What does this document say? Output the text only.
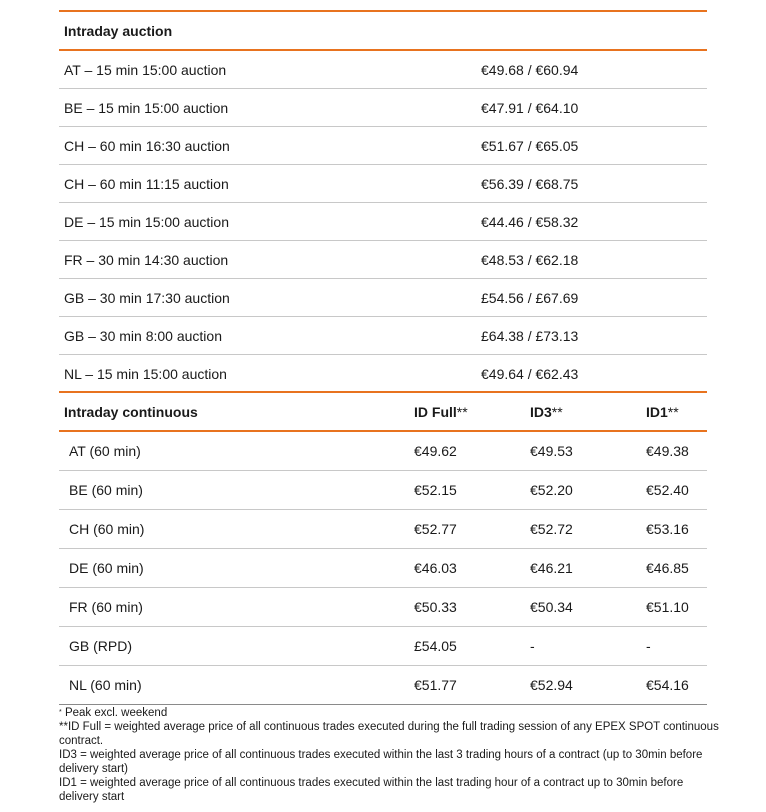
Intraday auction
AT – 15 min 15:00 auction	€49.68 / €60.94
BE – 15 min 15:00 auction	€47.91 / €64.10
CH – 60 min 16:30 auction	€51.67 / €65.05
CH – 60 min 11:15 auction	€56.39 / €68.75
DE – 15 min 15:00 auction	€44.46 / €58.32
FR – 30 min 14:30 auction	€48.53 / €62.18
GB – 30 min 17:30 auction	£54.56 / £67.69
GB – 30 min 8:00 auction	£64.38 / £73.13
NL – 15 min 15:00 auction	€49.64 / €62.43
Intraday continuous	ID Full**	ID3**	ID1**
AT (60 min)	€49.62	€49.53	€49.38
BE (60 min)	€52.15	€52.20	€52.40
CH (60 min)	€52.77	€52.72	€53.16
DE (60 min)	€46.03	€46.21	€46.85
FR (60 min)	€50.33	€50.34	€51.10
GB (RPD)	£54.05	-	-
NL (60 min)	€51.77	€52.94	€54.16

* Peak excl. weekend

**ID Full = weighted average price of all continuous trades executed during the full trading session of any EPEX SPOT continuous contract.

ID3 = weighted average price of all continuous trades executed within the last 3 trading hours of a contract (up to 30min before delivery start)

ID1 = weighted average price of all continuous trades executed within the last trading hour of a contract up to 30min before delivery start
